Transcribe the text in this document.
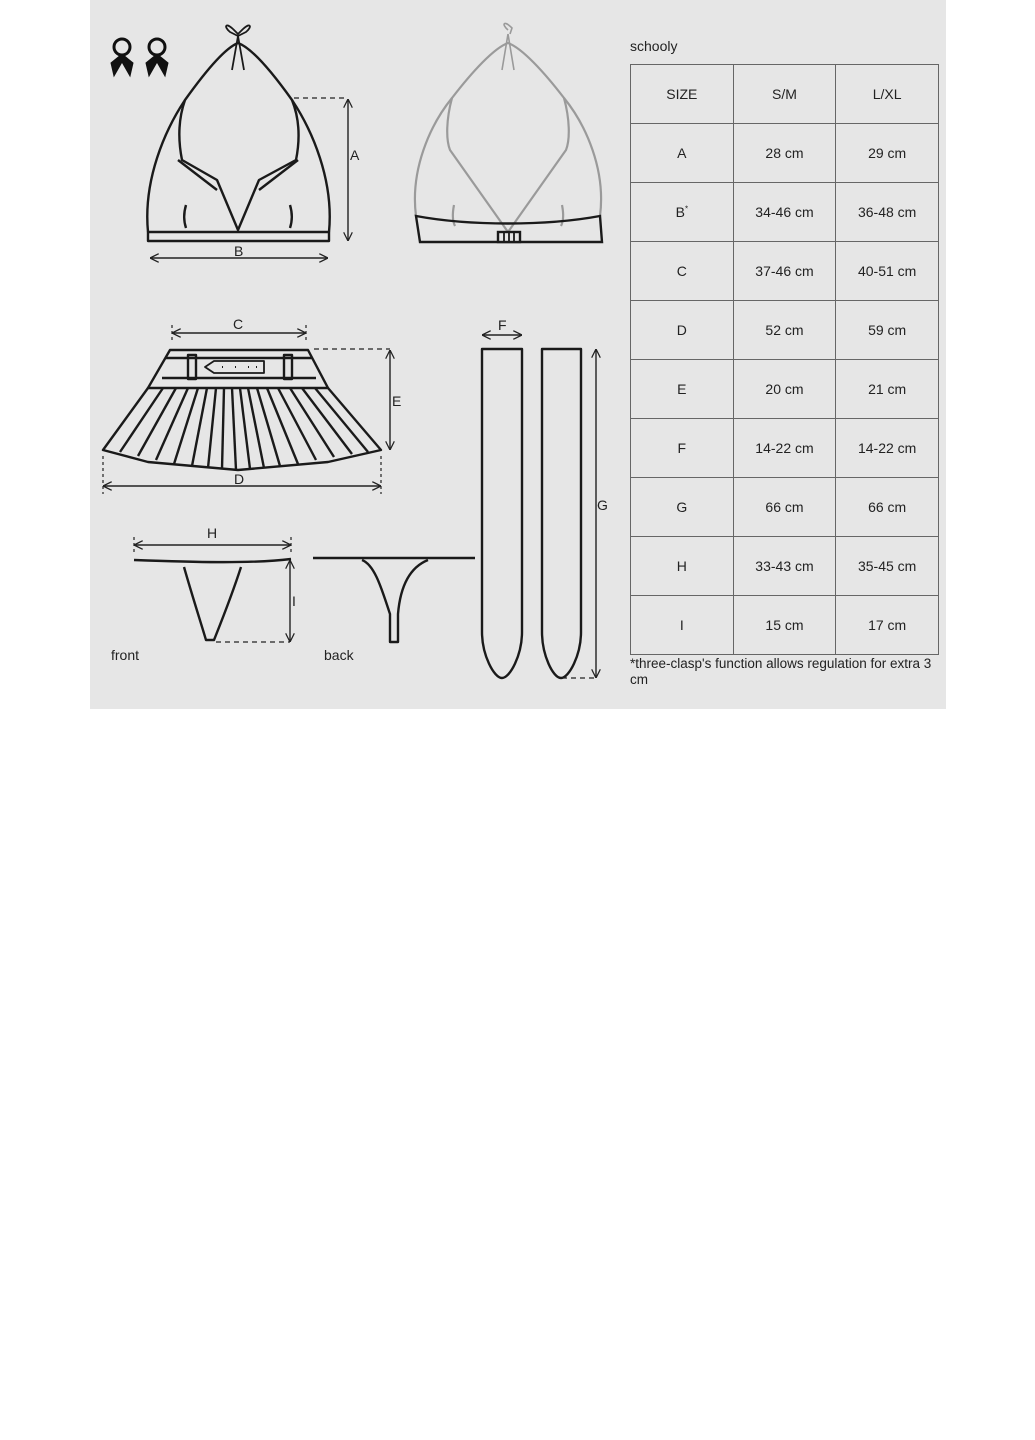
A
B
C
D
E
H
I
F
G
schooly
front	back
SIZE	S/M	L/XL
A	28 cm	29 cm
B*	34-46 cm	36-48 cm
C	37-46 cm	40-51 cm
D	52 cm	59 cm
E	20 cm	21 cm
F	14-22 cm	14-22 cm
G	66 cm	66 cm
H	33-43 cm	35-45 cm
I	15 cm	17 cm
*three-clasp's function allows regulation for extra 3 cm
